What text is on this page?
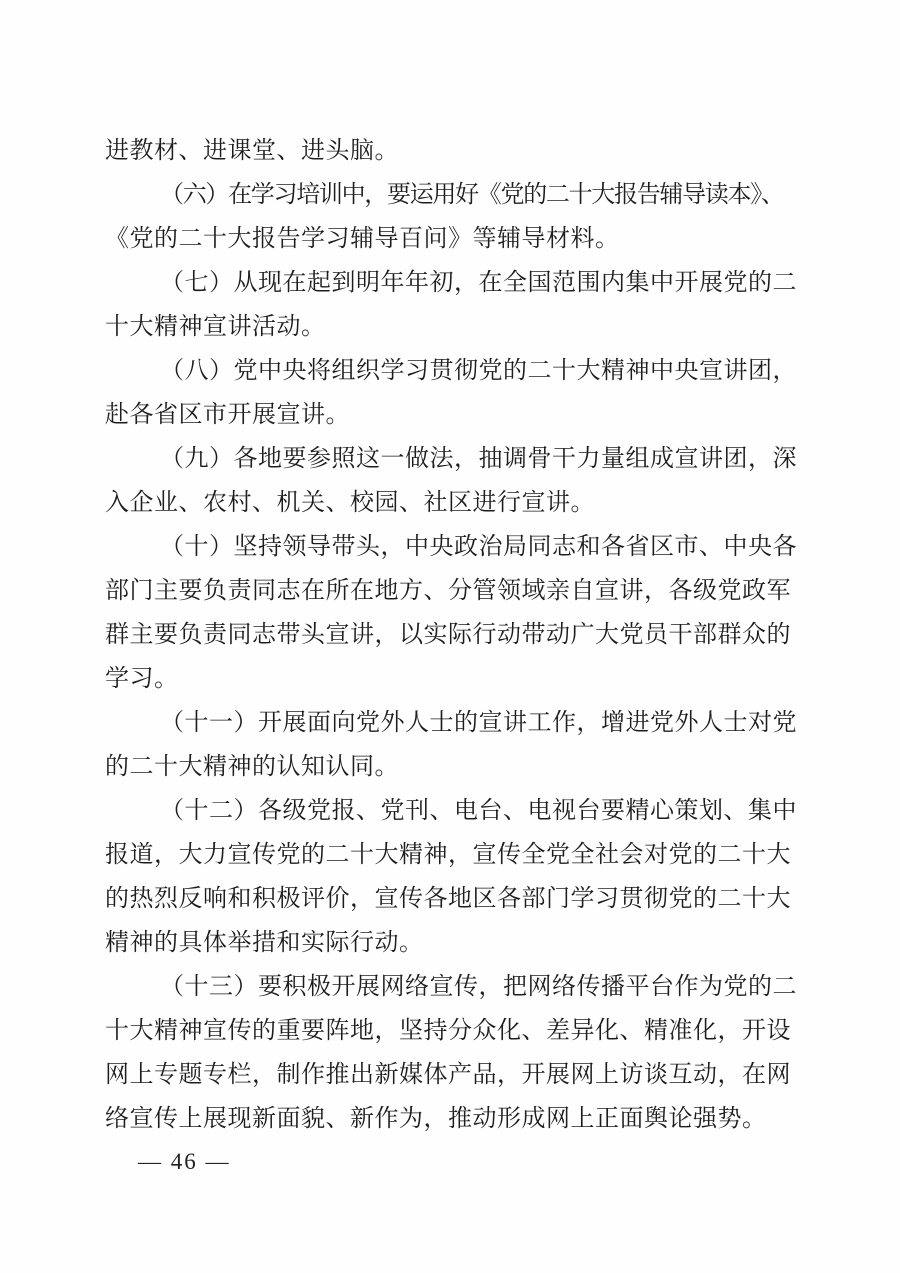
进教材、进课堂、进头脑。
（六）在学习培训中，要运用好《党的二十大报告辅导读本》、
《党的二十大报告学习辅导百问》等辅导材料。
（七）从现在起到明年年初，在全国范围内集中开展党的二
十大精神宣讲活动。
（八）党中央将组织学习贯彻党的二十大精神中央宣讲团，
赴各省区市开展宣讲。
（九）各地要参照这一做法，抽调骨干力量组成宣讲团，深
入企业、农村、机关、校园、社区进行宣讲。
（十）坚持领导带头，中央政治局同志和各省区市、中央各
部门主要负责同志在所在地方、分管领域亲自宣讲，各级党政军
群主要负责同志带头宣讲，以实际行动带动广大党员干部群众的
学习。
（十一）开展面向党外人士的宣讲工作，增进党外人士对党
的二十大精神的认知认同。
（十二）各级党报、党刊、电台、电视台要精心策划、集中
报道，大力宣传党的二十大精神，宣传全党全社会对党的二十大
的热烈反响和积极评价，宣传各地区各部门学习贯彻党的二十大
精神的具体举措和实际行动。
（十三）要积极开展网络宣传，把网络传播平台作为党的二
十大精神宣传的重要阵地，坚持分众化、差异化、精准化，开设
网上专题专栏，制作推出新媒体产品，开展网上访谈互动，在网
络宣传上展现新面貌、新作为，推动形成网上正面舆论强势。
— 46 —
